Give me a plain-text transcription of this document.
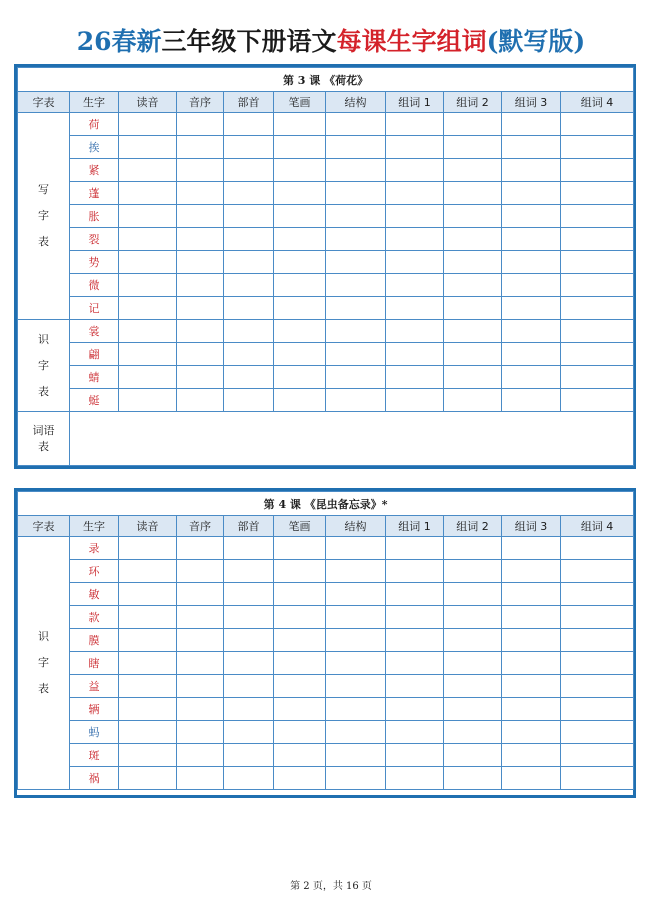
26春新三年级下册语文每课生字组词(默写版)
第 3 课 《荷花》										
字表	生字	读音	音序	部首	笔画	结构	组词 1	组词 2	组词 3	组词 4

写
字
表	荷									
	挨									
	紧									
	蓬									
	胀									
	裂									
	势									
	微									
	记									

识
字
表	裳									
	翩									
	蜻									
	蜓									

词语
表										

第 4 课 《昆虫备忘录》*										
字表	生字	读音	音序	部首	笔画	结构	组词 1	组词 2	组词 3	组词 4

识
字
表	录									
	环									
	敏									
	款									
	膜									
	瞎									
	益									
	辆									
	蚂									
	斑									
	祸									
第 2 页，共 16 页
